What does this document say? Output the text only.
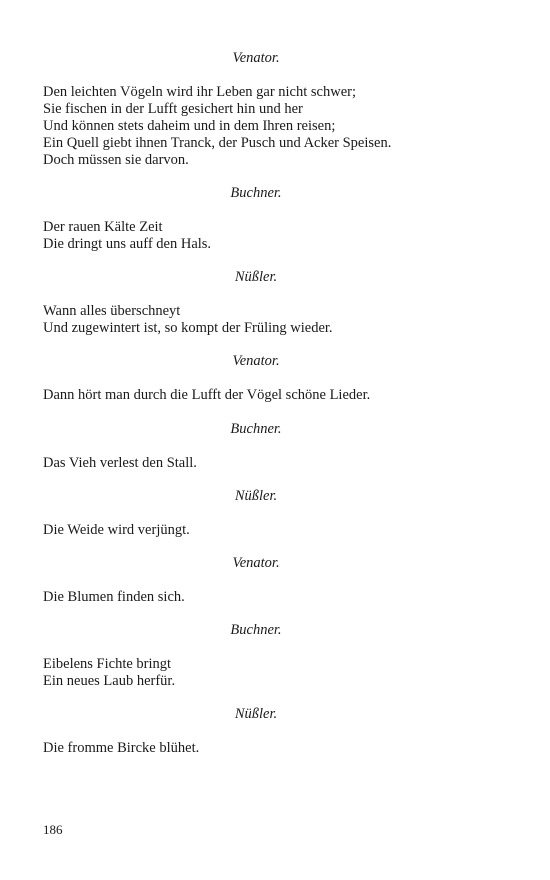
Venator.
Den leichten Vögeln wird ihr Leben gar nicht schwer;
Sie fischen in der Lufft gesichert hin und her
Und können stets daheim und in dem Ihren reisen;
Ein Quell giebt ihnen Tranck, der Pusch und Acker Speisen.
Doch müssen sie darvon.
Buchner.
Der rauen Kälte Zeit
Die dringt uns auff den Hals.
Nüßler.
Wann alles überschneyt
Und zugewintert ist, so kompt der Früling wieder.
Venator.
Dann hört man durch die Lufft der Vögel schöne Lieder.
Buchner.
Das Vieh verlest den Stall.
Nüßler.
Die Weide wird verjüngt.
Venator.
Die Blumen finden sich.
Buchner.
Eibelens Fichte bringt
Ein neues Laub herfür.
Nüßler.
Die fromme Bircke blühet.
186
